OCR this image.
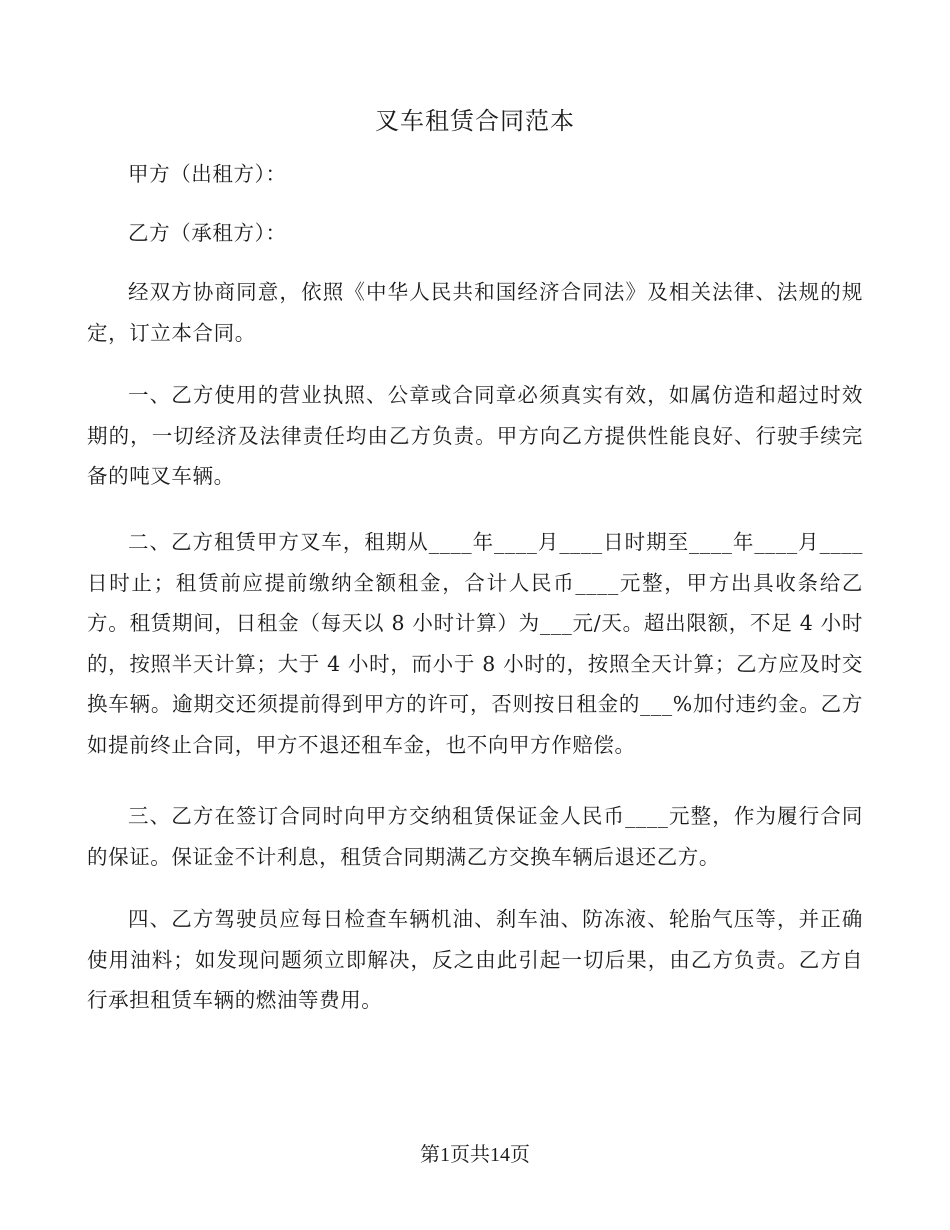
叉车租赁合同范本

甲方（出租方）：

乙方（承租方）：

经双方协商同意，依照《中华人民共和国经济合同法》及相关法律、法规的规定，订立本合同。

一、乙方使用的营业执照、公章或合同章必须真实有效，如属仿造和超过时效期的，一切经济及法律责任均由乙方负责。甲方向乙方提供性能良好、行驶手续完备的吨叉车辆。

二、乙方租赁甲方叉车，租期从____年____月____日时期至____年____月____日时止；租赁前应提前缴纳全额租金，合计人民币____元整，甲方出具收条给乙方。租赁期间，日租金（每天以 8 小时计算）为___元/天。超出限额，不足 4 小时的，按照半天计算；大于 4 小时，而小于 8 小时的，按照全天计算；乙方应及时交换车辆。逾期交还须提前得到甲方的许可，否则按日租金的___%加付违约金。乙方如提前终止合同，甲方不退还租车金，也不向甲方作赔偿。

三、乙方在签订合同时向甲方交纳租赁保证金人民币____元整，作为履行合同的保证。保证金不计利息，租赁合同期满乙方交换车辆后退还乙方。

四、乙方驾驶员应每日检查车辆机油、刹车油、防冻液、轮胎气压等，并正确使用油料；如发现问题须立即解决，反之由此引起一切后果，由乙方负责。乙方自行承担租赁车辆的燃油等费用。

第1页共14页
